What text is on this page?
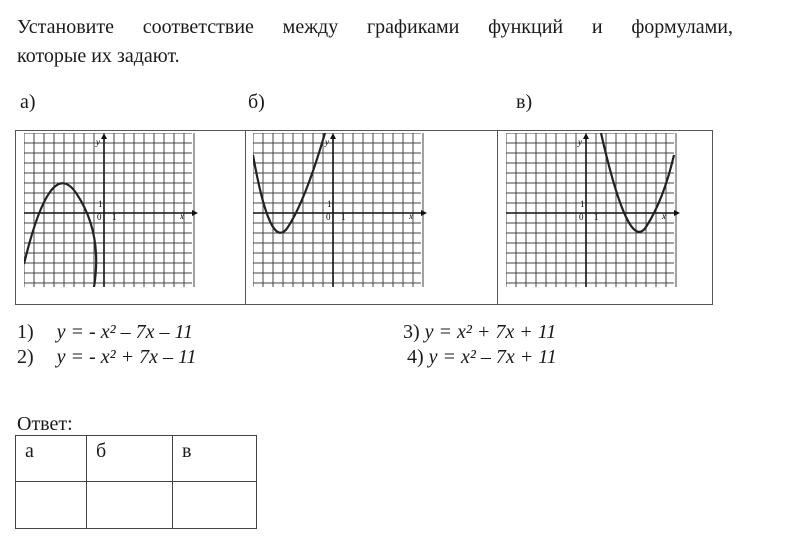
Установите соответствие между графиками функций и формулами,
которые их задают.
а)	б)	в)
y
x
1
1
0
y
x
1
1
0
y
x
1
1
0
1) y = - x² – 7x – 11
2) y = - x² + 7x – 11
3) y = x² + 7x + 11
4) y = x² – 7x + 11
Ответ:
а	б	в
